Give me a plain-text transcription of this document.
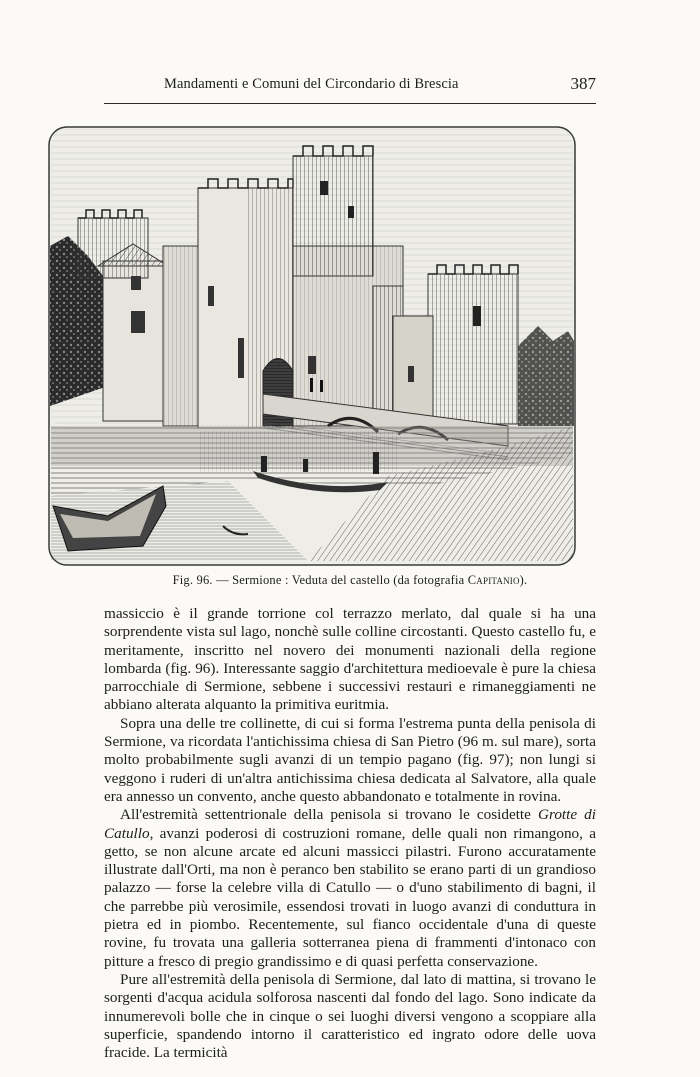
Mandamenti e Comuni del Circondario di Brescia	387
Fig. 96. — Sermione : Veduta del castello (da fotografia Capitanio).

massiccio è il grande torrione col terrazzo merlato, dal quale si ha una sorprendente vista sul lago, nonchè sulle colline circostanti. Questo castello fu, e meritamente, inscritto nel novero dei monumenti nazionali della regione lombarda (fig. 96). Interessante saggio d'architettura medioevale è pure la chiesa parrocchiale di Sermione, sebbene i successivi restauri e rimaneggiamenti ne abbiano alterata alquanto la primitiva euritmia.

Sopra una delle tre collinette, di cui si forma l'estrema punta della penisola di Sermione, va ricordata l'antichissima chiesa di San Pietro (96 m. sul mare), sorta molto probabilmente sugli avanzi di un tempio pagano (fig. 97); non lungi si veggono i ruderi di un'altra antichissima chiesa dedicata al Salvatore, alla quale era annesso un convento, anche questo abbandonato e totalmente in rovina.

All'estremità settentrionale della penisola si trovano le cosidette Grotte di Catullo, avanzi poderosi di costruzioni romane, delle quali non rimangono, a getto, se non alcune arcate ed alcuni massicci pilastri. Furono accuratamente illustrate dall'Orti, ma non è peranco ben stabilito se erano parti di un grandioso palazzo — forse la celebre villa di Catullo — o d'uno stabilimento di bagni, il che parrebbe più verosimile, essendosi trovati in luogo avanzi di conduttura in pietra ed in piombo. Recentemente, sul fianco occidentale d'una di queste rovine, fu trovata una galleria sotterranea piena di frammenti d'intonaco con pitture a fresco di pregio grandissimo e di quasi perfetta conservazione.

Pure all'estremità della penisola di Sermione, dal lato di mattina, si trovano le sorgenti d'acqua acidula solforosa nascenti dal fondo del lago. Sono indicate da innumerevoli bolle che in cinque o sei luoghi diversi vengono a scoppiare alla superficie, spandendo intorno il caratteristico ed ingrato odore delle uova fracide. La termicità
